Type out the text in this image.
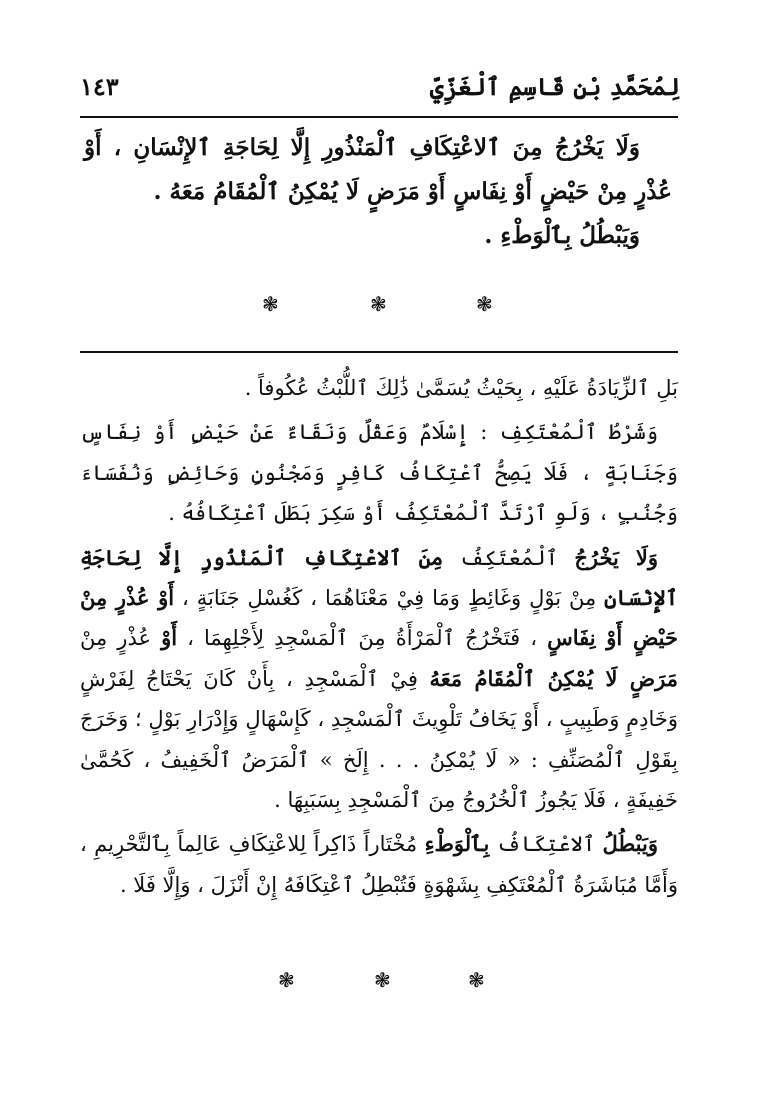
لِمُحَمَّدِ بْنِ قَاسِمِ ٱلْغَزِّيِّ
١٤٣

وَلَا يَخْرُجُ مِنَ ٱلاعْتِكَافِ ٱلْمَنْذُورِ إِلَّا لِحَاجَةِ ٱلإِنْسَانِ ، أَوْ عُذْرٍ مِنْ حَيْضٍ أَوْ نِفَاسٍ أَوْ مَرَضٍ لَا يُمْكِنُ ٱلْمُقَامُ مَعَهُ .

وَيَبْطُلُ بِٱلْوَطْءِ .

❃	❃	❃

بَلِ ٱلزِّيَادَةُ عَلَيْهِ ، بِحَيْثُ يُسَمَّىٰ ذَٰلِكَ ٱللُّبْثُ عُكُوفاً .

وَشَرْطُ ٱلْمُعْتَكِفِ : إِسْلَامٌ وَعَقْلٌ وَنَقَاءٌ عَنْ حَيْضٍ أَوْ نِفَاسٍ وَجَنَابَةٍ ، فَلَا يَصِحُّ ٱعْتِكَافُ كَافِرٍ وَمَجْنُونٍ وَحَائِضٍ وَنُفَسَاءَ وَجُنُبٍ ، وَلَوِ ٱرْتَدَّ ٱلْمُعْتَكِفُ أَوْ سَكِرَ بَطَلَ ٱعْتِكَافُهُ .

وَلَا يَخْرُجُ ٱلْمُعْتَكِفُ مِنَ ٱلاعْتِكَافِ ٱلْمَنْذُورِ إِلَّا لِحَاجَةِ ٱلإِنْسَانِ مِنْ بَوْلٍ وَغَائِطٍ وَمَا فِيْ مَعْنَاهُمَا ، كَغُسْلِ جَنَابَةٍ ، أَوْ عُذْرٍ مِنْ حَيْضٍ أَوْ نِفَاسٍ ، فَتَخْرُجُ ٱلْمَرْأَةُ مِنَ ٱلْمَسْجِدِ لِأَجْلِهِمَا ، أَوْ عُذْرٍ مِنْ مَرَضٍ لَا يُمْكِنُ ٱلْمُقَامُ مَعَهُ فِيْ ٱلْمَسْجِدِ ، بِأَنْ كَانَ يَحْتَاجُ لِفَرْشٍ وَخَادِمٍ وَطَبِيبٍ ، أَوْ يَخَافُ تَلْوِيثَ ٱلْمَسْجِدِ ، كَإِسْهَالٍ وَإِدْرَارِ بَوْلٍ ؛ وَخَرَجَ بِقَوْلِ ٱلْمُصَنِّفِ : « لَا يُمْكِنُ . . . إِلَخ » ٱلْمَرَضُ ٱلْخَفِيفُ ، كَحُمَّىٰ خَفِيفَةٍ ، فَلَا يَجُوزُ ٱلْخُرُوجُ مِنَ ٱلْمَسْجِدِ بِسَبَبِهَا .

وَيَبْطُلُ ٱلاعْتِكَافُ بِٱلْوَطْءِ مُخْتَاراً ذَاكِراً لِلاعْتِكَافِ عَالِماً بِٱلتَّحْرِيمِ ، وَأَمَّا مُبَاشَرَةُ ٱلْمُعْتَكِفِ بِشَهْوَةٍ فَتُبْطِلُ ٱعْتِكَافَهُ إِنْ أَنْزَلَ ، وَإِلَّا فَلَا .

❃	❃	❃
